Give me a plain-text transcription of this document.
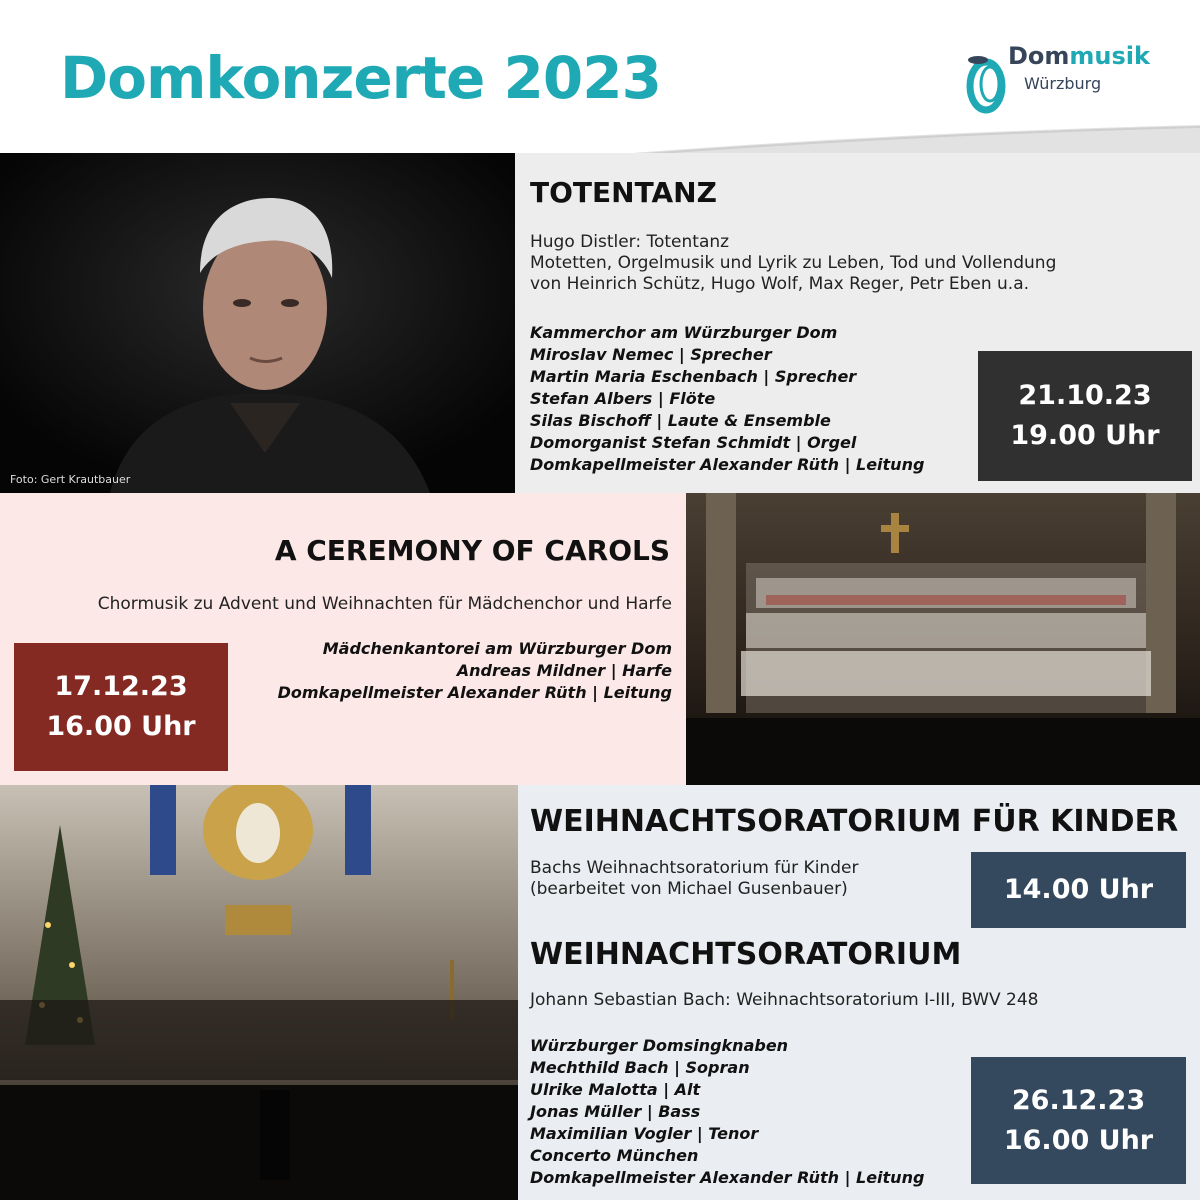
Domkonzerte 2023	Dommusik
Würzburg
Foto: Gert Krautbauer
TOTENTANZ
Hugo Distler: Totentanz
Motetten, Orgelmusik und Lyrik zu Leben, Tod und Vollendung
von Heinrich Schütz, Hugo Wolf, Max Reger, Petr Eben u.a.
Kammerchor am Würzburger Dom
Miroslav Nemec | Sprecher
Martin Maria Eschenbach | Sprecher
Stefan Albers | Flöte
Silas Bischoff | Laute & Ensemble
Domorganist Stefan Schmidt | Orgel
Domkapellmeister Alexander Rüth | Leitung
21.10.23
19.00 Uhr
A CEREMONY OF CAROLS
Chormusik zu Advent und Weihnachten für Mädchenchor und Harfe
Mädchenkantorei am Würzburger Dom
Andreas Mildner | Harfe
Domkapellmeister Alexander Rüth | Leitung
17.12.23
16.00 Uhr
WEIHNACHTSORATORIUM FÜR KINDER
Bachs Weihnachtsoratorium für Kinder
(bearbeitet von Michael Gusenbauer)	14.00 Uhr
WEIHNACHTSORATORIUM
Johann Sebastian Bach: Weihnachtsoratorium I-III, BWV 248
Würzburger Domsingknaben
Mechthild Bach | Sopran
Ulrike Malotta | Alt
Jonas Müller | Bass
Maximilian Vogler | Tenor
Concerto München
Domkapellmeister Alexander Rüth | Leitung
26.12.23
16.00 Uhr
